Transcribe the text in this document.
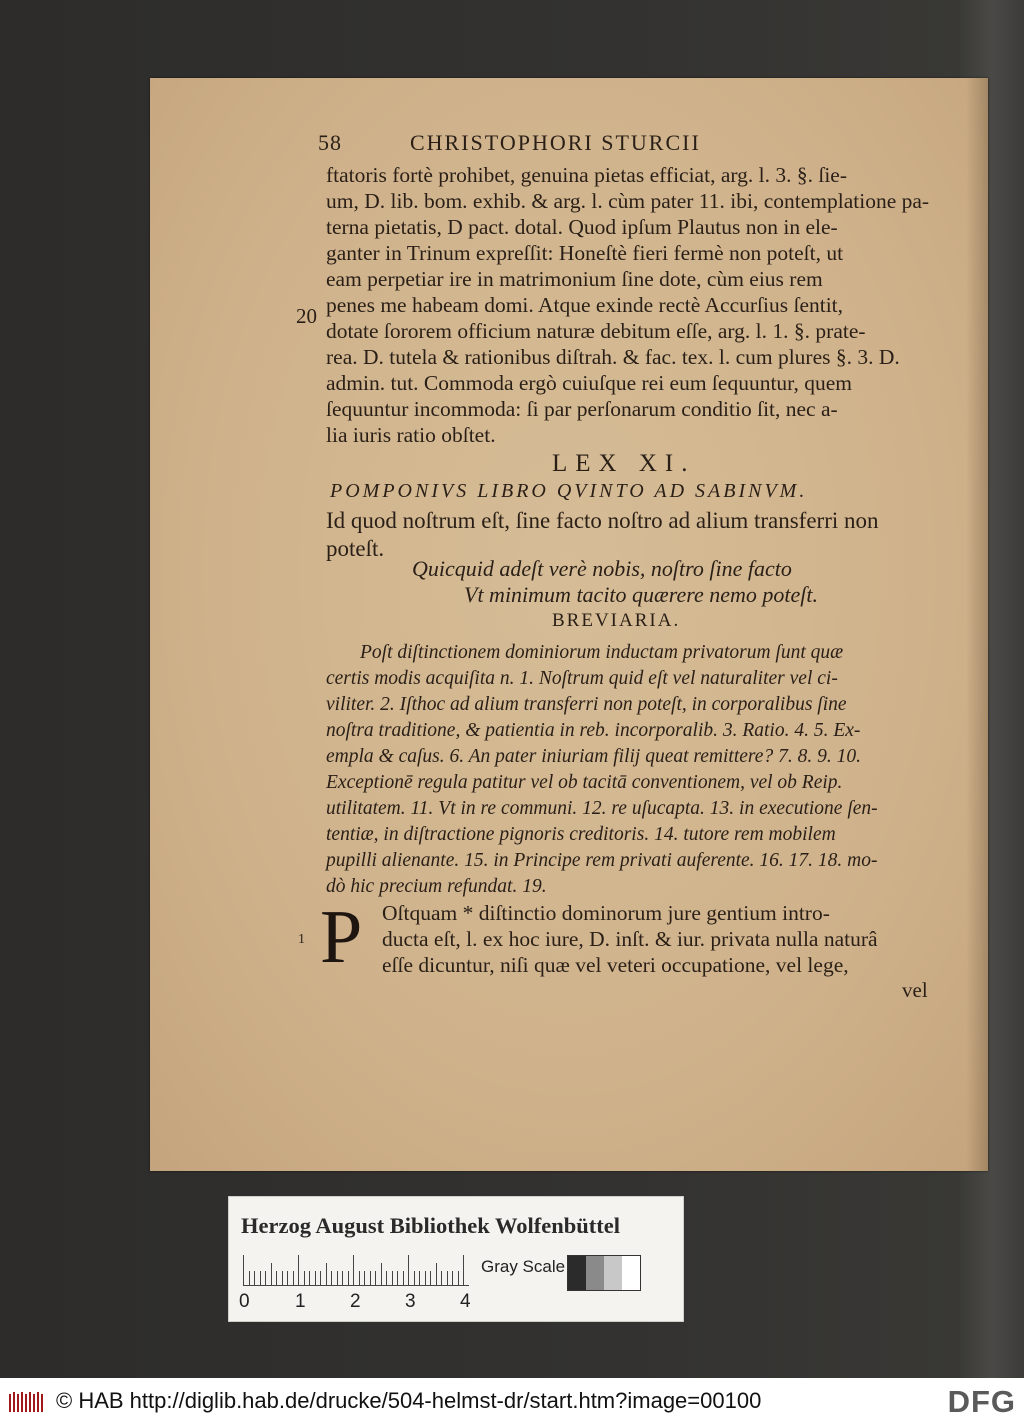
58	CHRISTOPHORI STURCII
20
ftatoris fortè prohibet, genuina pietas efficiat, arg. l. 3. §. ſie-
um, D. lib. bom. exhib. & arg. l. cùm pater 11. ibi, contemplatione pa-
terna pietatis, D pact. dotal. Quod ipſum Plautus non in ele-
ganter in Trinum expreſſit: Honeſtè fieri fermè non poteſt, ut
eam perpetiar ire in matrimonium ſine dote, cùm eius rem
penes me habeam domi. Atque exinde rectè Accurſius ſentit,
dotate ſororem officium naturæ debitum eſſe, arg. l. 1. §. prate-
rea. D. tutela & rationibus diſtrah. & fac. tex. l. cum plures §. 3. D.
admin. tut. Commoda ergò cuiuſque rei eum ſequuntur, quem
ſequuntur incommoda: ſi par perſonarum conditio ſit, nec a-
lia iuris ratio obſtet.
LEX XI.
POMPONIVS LIBRO QVINTO AD SABINVM.
Id quod noſtrum eſt, ſine facto noſtro ad alium transferri non
poteſt.
Quicquid adeſt verè nobis, noſtro ſine facto
Vt minimum tacito quærere nemo poteſt.
BREVIARIA.
Poſt diſtinctionem dominiorum inductam privatorum ſunt quæ
certis modis acquiſita n. 1. Noſtrum quid eſt vel naturaliter vel ci-
viliter. 2. Iſthoc ad alium transferri non poteſt, in corporalibus ſine
noſtra traditione, & patientia in reb. incorporalib. 3. Ratio. 4. 5. Ex-
empla & caſus. 6. An pater iniuriam filij queat remittere? 7. 8. 9. 10.
Exceptionē regula patitur vel ob tacitā conventionem, vel ob Reip.
utilitatem. 11. Vt in re communi. 12. re uſucapta. 13. in executione ſen-
tentiæ, in diſtractione pignoris creditoris. 14. tutore rem mobilem
pupilli alienante. 15. in Principe rem privati auferente. 16. 17. 18. mo-
dò hic precium refundat. 19.
1 P Oſtquam * diſtinctio dominorum jure gentium intro-
ducta eſt, l. ex hoc iure, D. inſt. & iur. privata nulla naturâ
eſſe dicuntur, niſi quæ vel veteri occupatione, vel lege,
vel
Herzog August Bibliothek Wolfenbüttel
0 1 2 3 4
Gray Scale
© HAB http://diglib.hab.de/drucke/504-helmst-dr/start.htm?image=00100	DFG
